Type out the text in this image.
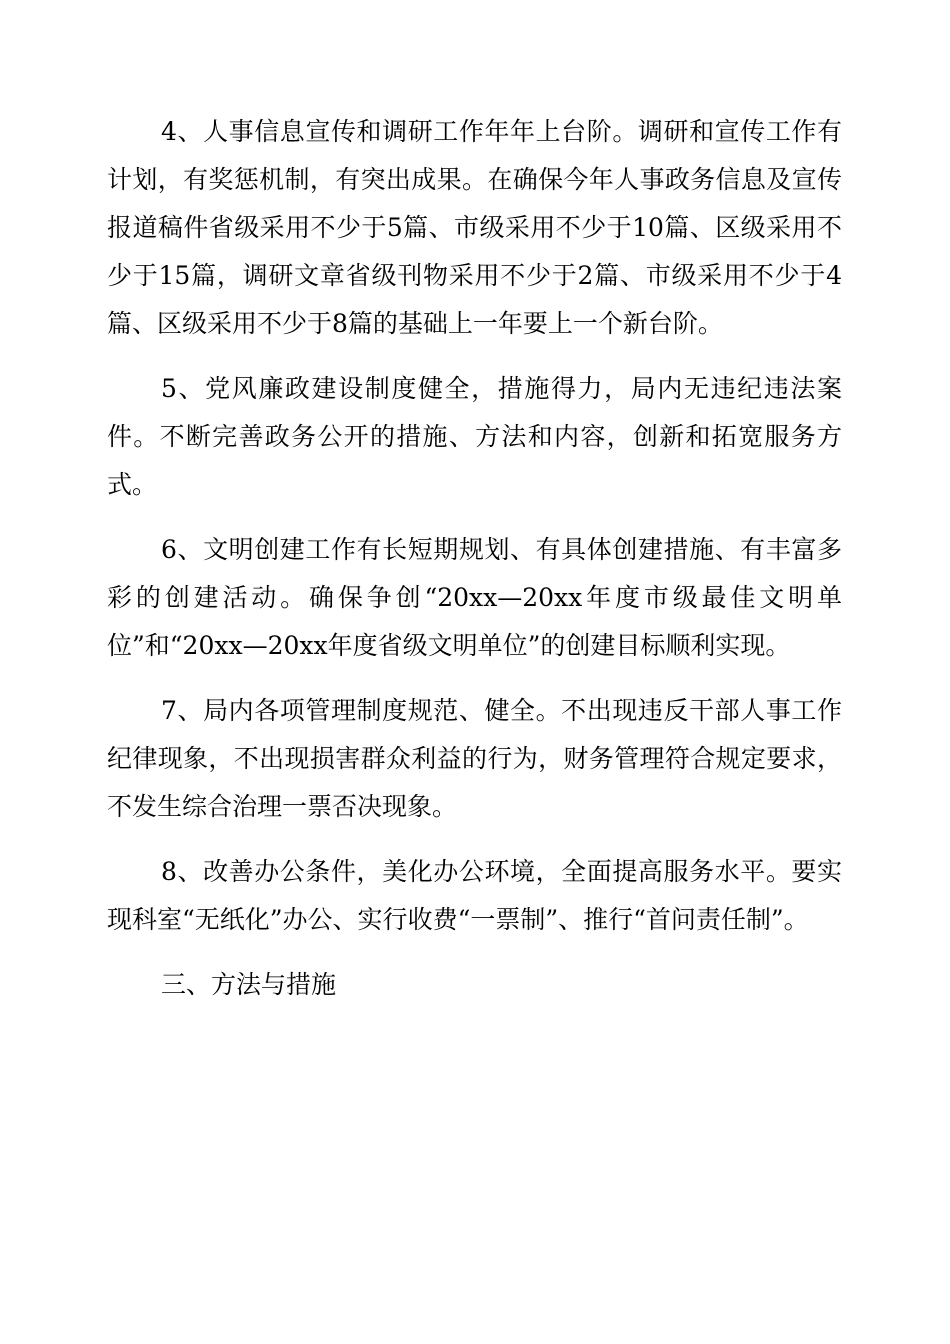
4、人事信息宣传和调研工作年年上台阶。调研和宣传工作有计划，有奖惩机制，有突出成果。在确保今年人事政务信息及宣传报道稿件省级采用不少于5篇、市级采用不少于10篇、区级采用不少于15篇，调研文章省级刊物采用不少于2篇、市级采用不少于4篇、区级采用不少于8篇的基础上一年要上一个新台阶。

5、党风廉政建设制度健全，措施得力，局内无违纪违法案件。不断完善政务公开的措施、方法和内容，创新和拓宽服务方式。

6、文明创建工作有长短期规划、有具体创建措施、有丰富多彩的创建活动。确保争创“20xx—20xx年度市级最佳文明单位”和“20xx—20xx年度省级文明单位”的创建目标顺利实现。

7、局内各项管理制度规范、健全。不出现违反干部人事工作纪律现象，不出现损害群众利益的行为，财务管理符合规定要求，不发生综合治理一票否决现象。

8、改善办公条件，美化办公环境，全面提高服务水平。要实现科室“无纸化”办公、实行收费“一票制”、推行“首问责任制”。

三、方法与措施
